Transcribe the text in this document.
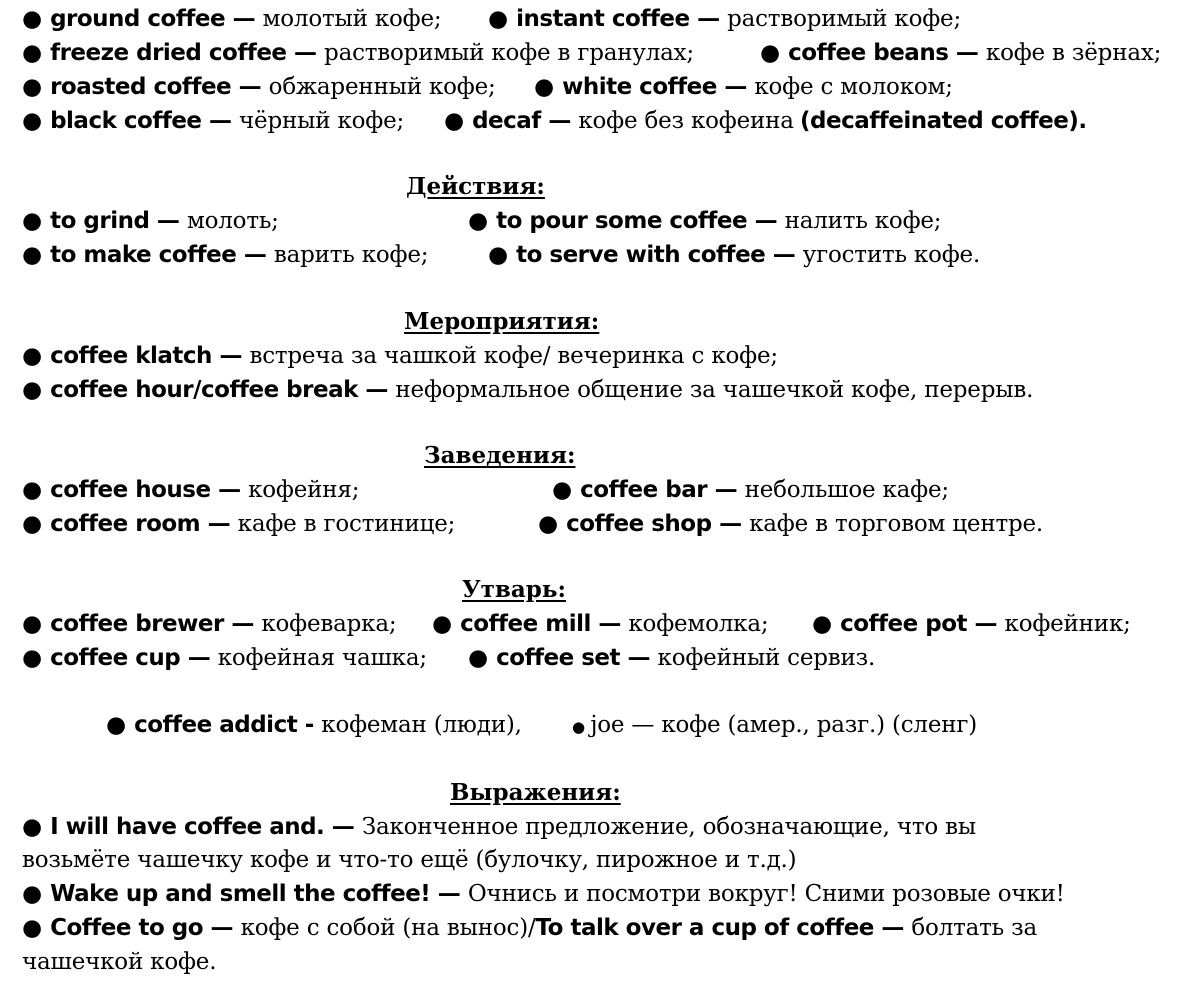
● ground coffee — молотый кофе; ● instant coffee — растворимый кофе;
● freeze dried coffee — растворимый кофе в гранулах;	● coffee beans — кофе в зёрнах;
● roasted coffee — обжаренный кофе; ● white coffee — кофе с молоком;
● black coffee — чёрный кофе; ● decaf — кофе без кофеина (decaffeinated coffee).
Действия:
● to grind — молоть;	● to pour some coffee — налить кофе;
● to make coffee — варить кофе;	● to serve with coffee — угостить кофе.
Мероприятия:
● coffee klatch — встреча за чашкой кофе/ вечеринка с кофе;
● coffee hour/coffee break — неформальное общение за чашечкой кофе, перерыв.
Заведения:
● coffee house — кофейня;	● coffee bar — небольшое кафе;
● coffee room — кафе в гостинице;	● coffee shop — кафе в торговом центре.
Утварь:
● coffee brewer — кофеварка; ● coffee mill — кофемолка; ● coffee pot — кофейник;
● coffee cup — кофейная чашка; ● coffee set — кофейный сервиз.
● coffee addict - кофеман (люди),	● joe — кофе (амер., разг.) (сленг)
Выражения:
● I will have coffee and. — Законченное предложение, обозначающие, что вы
возьмёте чашечку кофе и что-то ещё (булочку, пирожное и т.д.)
● Wake up and smell the coffee! — Очнись и посмотри вокруг! Сними розовые очки!
● Coffee to go — кофе с собой (на вынос)/To talk over a cup of coffee — болтать за
чашечкой кофе.
